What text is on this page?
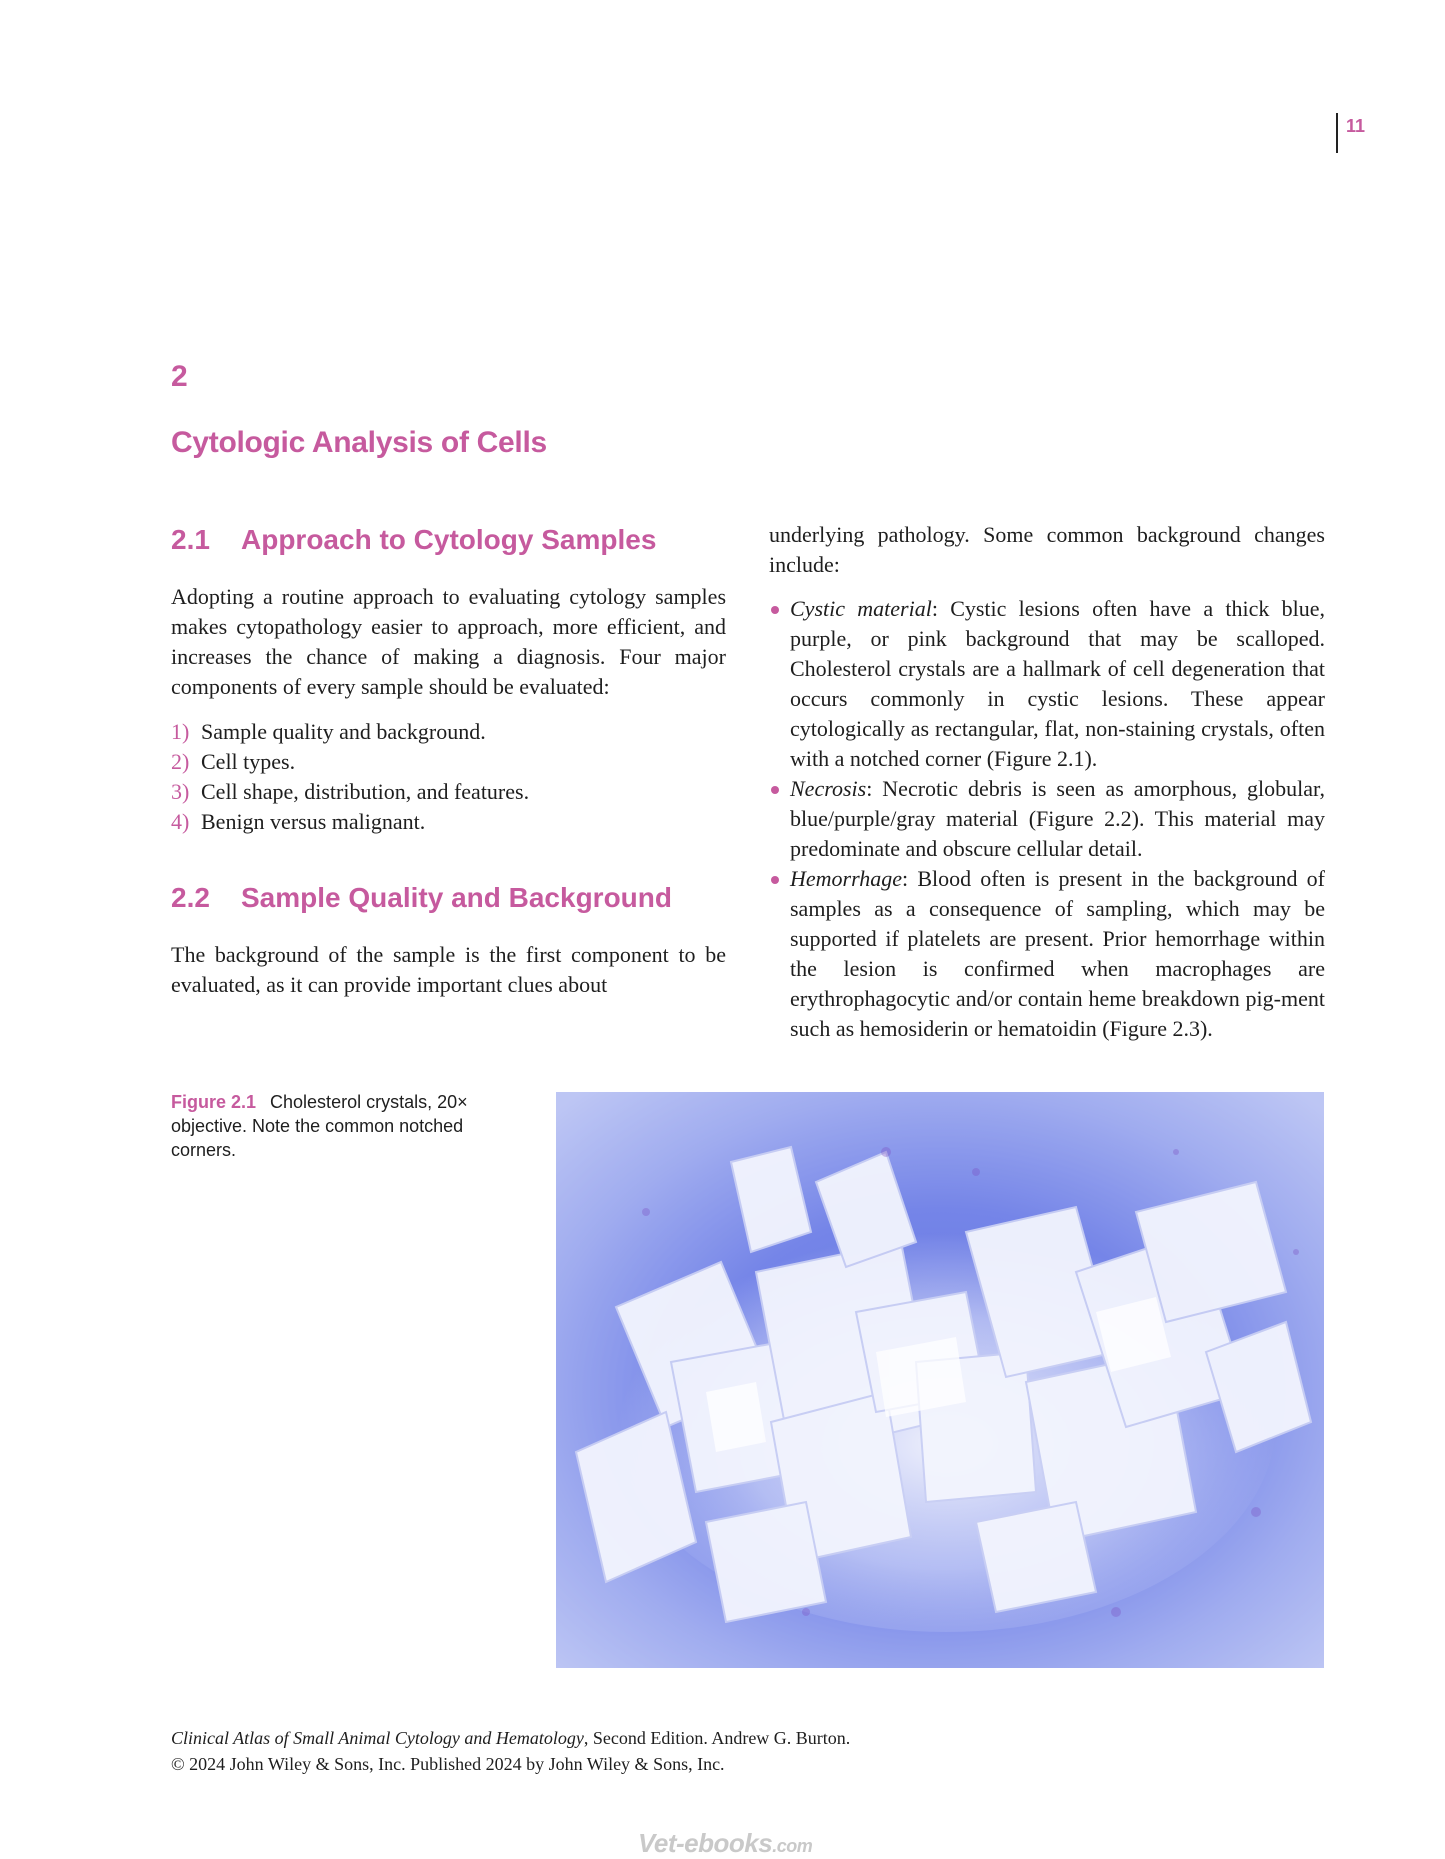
11
2
Cytologic Analysis of Cells
2.1	Approach to Cytology Samples

Adopting a routine approach to evaluating cytology samples makes cytopathology easier to approach, more efficient, and increases the chance of making a diagnosis. Four major components of every sample should be evaluated:

1) Sample quality and background.
2) Cell types.
3) Cell shape, distribution, and features.
4) Benign versus malignant.
2.2	Sample Quality and Background

The background of the sample is the first component to be evaluated, as it can provide important clues about

underlying pathology. Some common background changes include:

Cystic material: Cystic lesions often have a thick blue, purple, or pink background that may be scalloped. Cholesterol crystals are a hallmark of cell degeneration that occurs commonly in cystic lesions. These appear cytologically as rectangular, flat, non-staining crystals, often with a notched corner (Figure 2.1).
Necrosis: Necrotic debris is seen as amorphous, globular, blue/purple/gray material (Figure 2.2). This material may predominate and obscure cellular detail.
Hemorrhage: Blood often is present in the background of samples as a consequence of sampling, which may be supported if platelets are present. Prior hemorrhage within the lesion is confirmed when macrophages are erythrophagocytic and/or contain heme breakdown pig-ment such as hemosiderin or hematoidin (Figure 2.3).
Figure 2.1 Cholesterol crystals, 20× objective. Note the common notched corners.
Clinical Atlas of Small Animal Cytology and Hematology, Second Edition. Andrew G. Burton.
© 2024 John Wiley & Sons, Inc. Published 2024 by John Wiley & Sons, Inc.
Vet-ebooks.com
